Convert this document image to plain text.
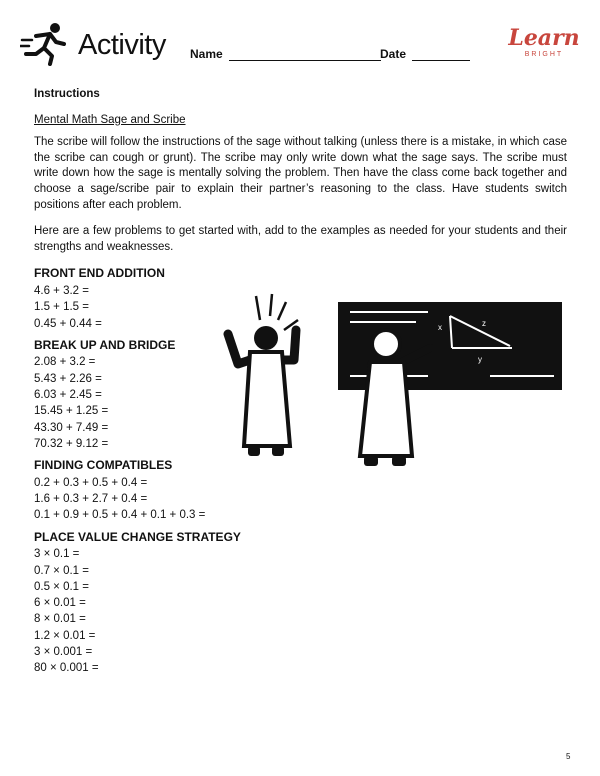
Activity Name	Date
Learn
BRIGHT
Instructions
Mental Math Sage and Scribe

The scribe will follow the instructions of the sage without talking (unless there is a mistake, in which case the scribe can cough or grunt). The scribe may only write down what the sage says. The scribe must write down how the sage is mentally solving the problem. Then have the class come back together and choose a sage/scribe pair to explain their partner’s reasoning to the class. Have students switch positions after each problem.

Here are a few problems to get started with, add to the examples as needed for your students and their strengths and weaknesses.

FRONT END ADDITION
4.6 + 3.2 =
1.5 + 1.5 =
0.45 + 0.44 =
BREAK UP AND BRIDGE
2.08 + 3.2 =
5.43 + 2.26 =
6.03 + 2.45 =
15.45 + 1.25 =
43.30 + 7.49 =
70.32 + 9.12 =
FINDING COMPATIBLES
0.2 + 0.3 + 0.5 + 0.4 =
1.6 + 0.3 + 2.7 + 0.4 =
0.1 + 0.9 + 0.5 + 0.4 + 0.1 + 0.3 =
PLACE VALUE CHANGE STRATEGY
3 × 0.1 =
0.7 × 0.1 =
0.5 × 0.1 =
6 × 0.01 =
8 × 0.01 =
1.2 × 0.01 =
3 × 0.001 =
80 × 0.001 =
x	z
y
5
